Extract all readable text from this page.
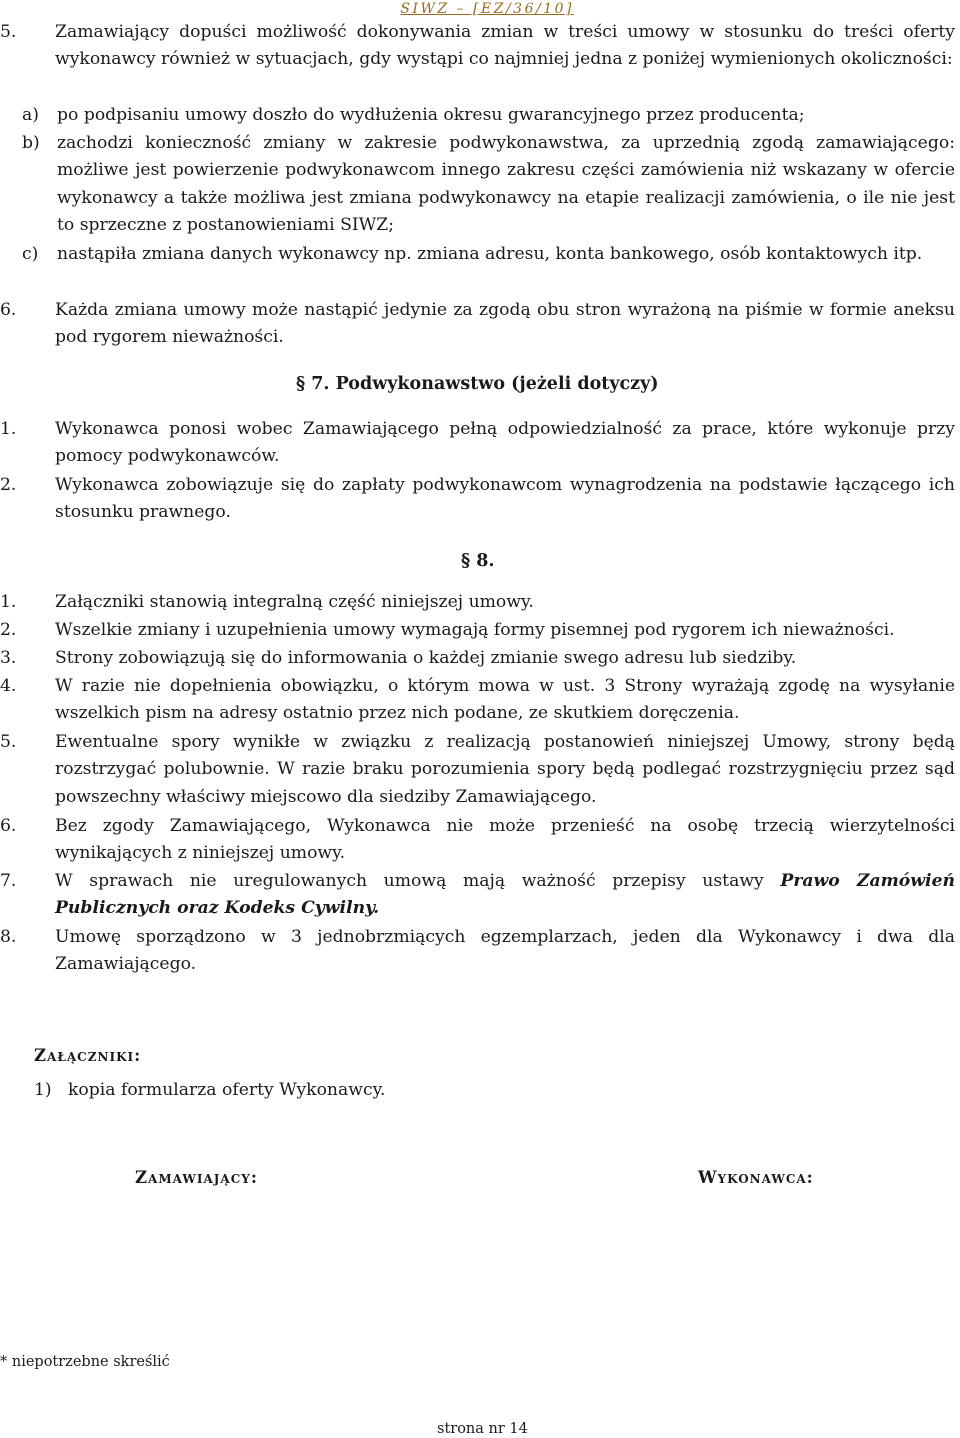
SIWZ – [EZ/36/10]
5. Zamawiający dopuści możliwość dokonywania zmian w treści umowy w stosunku do treści oferty wykonawcy również w sytuacjach, gdy wystąpi co najmniej jedna z poniżej wymienionych okoliczności:
a) po podpisaniu umowy doszło do wydłużenia okresu gwarancyjnego przez producenta;
b) zachodzi konieczność zmiany w zakresie podwykonawstwa, za uprzednią zgodą zamawiającego: możliwe jest powierzenie podwykonawcom innego zakresu części zamówienia niż wskazany w ofercie wykonawcy a także możliwa jest zmiana podwykonawcy na etapie realizacji zamówienia, o ile nie jest to sprzeczne z postanowieniami SIWZ;
c) nastąpiła zmiana danych wykonawcy np. zmiana adresu, konta bankowego, osób kontaktowych itp.
6. Każda zmiana umowy może nastąpić jedynie za zgodą obu stron wyrażoną na piśmie w formie aneksu pod rygorem nieważności.
§ 7. Podwykonawstwo (jeżeli dotyczy)
1. Wykonawca ponosi wobec Zamawiającego pełną odpowiedzialność za prace, które wykonuje przy pomocy podwykonawców.
2. Wykonawca zobowiązuje się do zapłaty podwykonawcom wynagrodzenia na podstawie łączącego ich stosunku prawnego.
§ 8.
1. Załączniki stanowią integralną część niniejszej umowy.
2. Wszelkie zmiany i uzupełnienia umowy wymagają formy pisemnej pod rygorem ich nieważności.
3. Strony zobowiązują się do informowania o każdej zmianie swego adresu lub siedziby.
4. W razie nie dopełnienia obowiązku, o którym mowa w ust. 3 Strony wyrażają zgodę na wysyłanie wszelkich pism na adresy ostatnio przez nich podane, ze skutkiem doręczenia.
5. Ewentualne spory wynikłe w związku z realizacją postanowień niniejszej Umowy, strony będą rozstrzygać polubownie. W razie braku porozumienia spory będą podlegać rozstrzygnięciu przez sąd powszechny właściwy miejscowo dla siedziby Zamawiającego.
6. Bez zgody Zamawiającego, Wykonawca nie może przenieść na osobę trzecią wierzytelności wynikających z niniejszej umowy.
7. W sprawach nie uregulowanych umową mają ważność przepisy ustawy Prawo Zamówień Publicznych oraz Kodeks Cywilny.
8. Umowę sporządzono w 3 jednobrzmiących egzemplarzach, jeden dla Wykonawcy i dwa dla Zamawiającego.
Załączniki:
1) kopia formularza oferty Wykonawcy.
Zamawiający:	Wykonawca:
* niepotrzebne skreślić
strona nr 14
